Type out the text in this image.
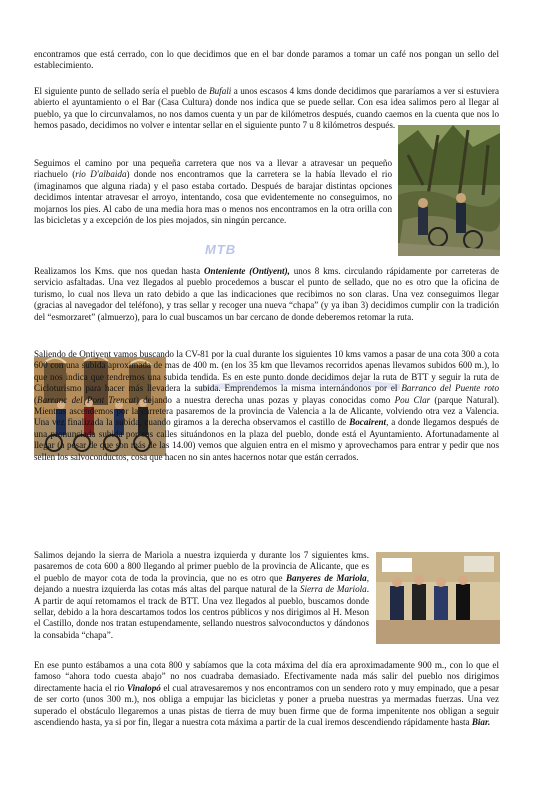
encontramos que está cerrado, con lo que decidimos que en el bar donde paramos a tomar un café nos pongan un sello del establecimiento.

El siguiente punto de sellado sería el pueblo de Bufali a unos escasos 4 kms donde decidimos que pararíamos a ver si estuviera abierto el ayuntamiento o el Bar (Casa Cultura) donde nos indica que se puede sellar. Con esa idea salimos pero al llegar al pueblo, ya que lo circunvalamos, no nos damos cuenta y un par de kilómetros después, cuando caemos en la cuenta que nos lo hemos pasado, decidimos no volver e intentar sellar en el siguiente punto 7 u 8 kilómetros después.

Seguimos el camino por una pequeña carretera que nos va a llevar a atravesar un pequeño riachuelo (rio D'albaida) donde nos encontramos que la carretera se la había llevado el rio (imaginamos que alguna riada) y el paso estaba cortado. Después de barajar distintas opciones decidimos intentar atravesar el arroyo, intentando, cosa que evidentemente no conseguimos, no mojarnos los pies. Al cabo de una media hora mas o menos nos encontramos en la otra orilla con las bicicletas y a excepción de los pies mojados, sin ningún percance.

MTB

Realizamos los Kms. que nos quedan hasta Onteniente (Ontiyent), unos 8 kms. circulando rápidamente por carreteras de servicio asfaltadas. Una vez llegados al pueblo procedemos a buscar el punto de sellado, que no es otro que la oficina de turismo, lo cual nos lleva un rato debido a que las indicaciones que recibimos no son claras. Una vez conseguimos llegar (gracias al navegador del teléfono), y tras sellar y recoger una nueva “chapa” (y ya iban 3) decidimos cumplir con la tradición del “esmorzaret” (almuerzo), para lo cual buscamos un bar cercano de donde deberemos retomar la ruta.

Saliendo de Ontiyent vamos buscando la CV-81 por la cual durante los siguientes 10 kms vamos a pasar de una cota 300 a cota 600 con una subida aproximada de mas de 400 m. (en los 35 km que llevamos recorridos apenas llevamos subidos 600 m.), lo que nos indica que tendremos una subida tendida. Es en este punto donde decidimos dejar la ruta de BTT y seguir la ruta de Cicloturismo para hacer más llevadera la subida. Emprendemos la misma internándonos por el Barranco del Puente roto (Barranc del Pont Trencat) dejando a nuestra derecha unas pozas y playas conocidas como Pou Clar (parque Natural). Mientras ascendemos por la carretera pasaremos de la provincia de Valencia a la de Alicante, volviendo otra vez a Valencia. Una vez finalizada la subida, cuando giramos a la derecha observamos el castillo de Bocairent, a donde llegamos después de una pronunciada subida por sus calles situándonos en la plaza del pueblo, donde está el Ayuntamiento. Afortunadamente al llegar (a pesar de que son más de las 14.00) vemos que alguien entra en el mismo y aprovechamos para entrar y pedir que nos sellen los salvoconductos, cosa que hacen no sin antes hacernos notar que están cerrados.

Salimos dejando la sierra de Mariola a nuestra izquierda y durante los 7 siguientes kms. pasaremos de cota 600 a 800 llegando al primer pueblo de la provincia de Alicante, que es el pueblo de mayor cota de toda la provincia, que no es otro que Banyeres de Mariola, dejando a nuestra izquierda las cotas más altas del parque natural de la Sierra de Mariola. A partir de aquí retomamos el track de BTT. Una vez llegados al pueblo, buscamos donde sellar, debido a la hora descartamos todos los centros públicos y nos dirigimos al H. Meson el Castillo, donde nos tratan estupendamente, sellando nuestros salvoconductos y dándonos la consabida “chapa”.

En ese punto estábamos a una cota 800 y sabíamos que la cota máxima del día era aproximadamente 900 m., con lo que el famoso “ahora todo cuesta abajo” no nos cuadraba demasiado. Efectivamente nada más salir del pueblo nos dirigimos directamente hacia el rio Vinalopó el cual atravesaremos y nos encontramos con un sendero roto y muy empinado, que a pesar de ser corto (unos 300 m.), nos obliga a empujar las bicicletas y poner a prueba nuestras ya mermadas fuerzas. Una vez superado el obstáculo llegaremos a unas pistas de tierra de muy buen firme que de forma impenitente nos obligan a seguir ascendiendo hasta, ya si por fin, llegar a nuestra cota máxima a partir de la cual iremos descendiendo rápidamente hasta Biar.
